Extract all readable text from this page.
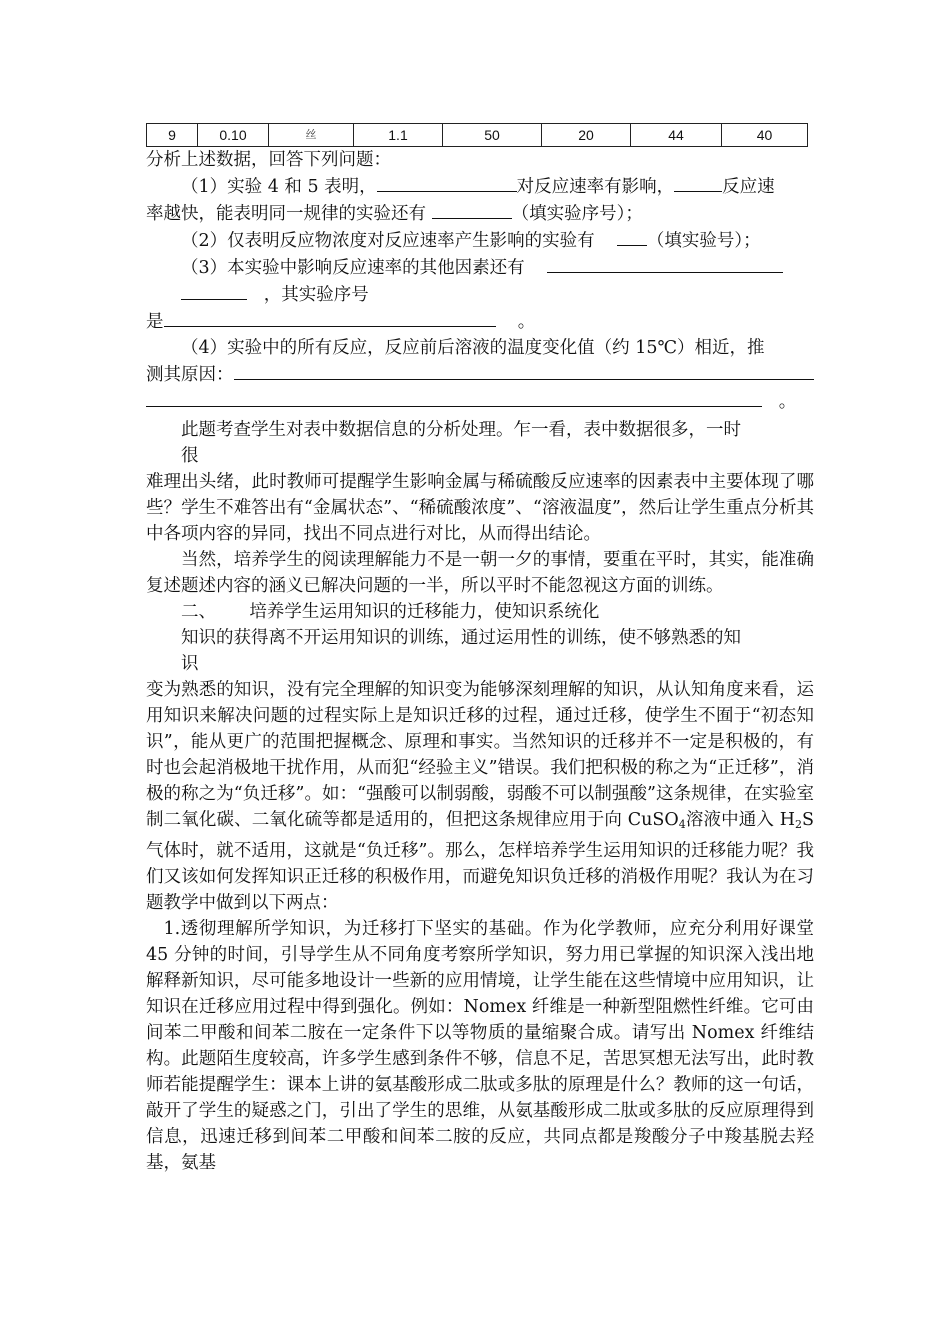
9	0.10	丝	1.1	50	20	44	40

分析上述数据，回答下列问题：

（1）实验 4 和 5 表明，	对反应速率有影响，	反应速

率越快，能表明同一规律的实验还有	（填实验序号）；

（2）仅表明反应物浓度对反应速率产生影响的实验有	（填实验号）；

（3）本实验中影响反应速率的其他因素还有

，其实验序号

是	。

（4）实验中的所有反应，反应前后溶液的温度变化值（约 15℃）相近，推

测其原因：

。

此题考查学生对表中数据信息的分析处理。乍一看，表中数据很多，一时

很

难理出头绪，此时教师可提醒学生影响金属与稀硫酸反应速率的因素表中主要体现了哪些？学生不难答出有“金属状态”、“稀硫酸浓度”、“溶液温度”，然后让学生重点分析其中各项内容的异同，找出不同点进行对比，从而得出结论。

当然，培养学生的阅读理解能力不是一朝一夕的事情，要重在平时，其实，能准确复述题述内容的涵义已解决问题的一半，所以平时不能忽视这方面的训练。

二、 培养学生运用知识的迁移能力，使知识系统化

知识的获得离不开运用知识的训练，通过运用性的训练，使不够熟悉的知

识

变为熟悉的知识，没有完全理解的知识变为能够深刻理解的知识，从认知角度来看，运用知识来解决问题的过程实际上是知识迁移的过程，通过迁移，使学生不囿于“初态知识”，能从更广的范围把握概念、原理和事实。当然知识的迁移并不一定是积极的，有时也会起消极地干扰作用，从而犯“经验主义”错误。我们把积极的称之为“正迁移”，消极的称之为“负迁移”。如：“强酸可以制弱酸，弱酸不可以制强酸”这条规律，在实验室制二氧化碳、二氧化硫等都是适用的，但把这条规律应用于向 CuSO$_4$溶液中通入 $H_2S$ 气体时，就不适用，这就是“负迁移”。那么，怎样培养学生运用知识的迁移能力呢？我们又该如何发挥知识正迁移的积极作用，而避免知识负迁移的消极作用呢？我认为在习题教学中做到以下两点：

1.透彻理解所学知识，为迁移打下坚实的基础。作为化学教师，应充分利用好课堂 45 分钟的时间，引导学生从不同角度考察所学知识，努力用已掌握的知识深入浅出地解释新知识，尽可能多地设计一些新的应用情境，让学生能在这些情境中应用知识，让知识在迁移应用过程中得到强化。例如：Nomex 纤维是一种新型阻燃性纤维。它可由间苯二甲酸和间苯二胺在一定条件下以等物质的量缩聚合成。请写出 Nomex 纤维结构。此题陌生度较高，许多学生感到条件不够，信息不足，苦思冥想无法写出，此时教师若能提醒学生：课本上讲的氨基酸形成二肽或多肽的原理是什么？教师的这一句话，敲开了学生的疑惑之门，引出了学生的思维，从氨基酸形成二肽或多肽的反应原理得到信息，迅速迁移到间苯二甲酸和间苯二胺的反应，共同点都是羧酸分子中羧基脱去羟基，氨基
